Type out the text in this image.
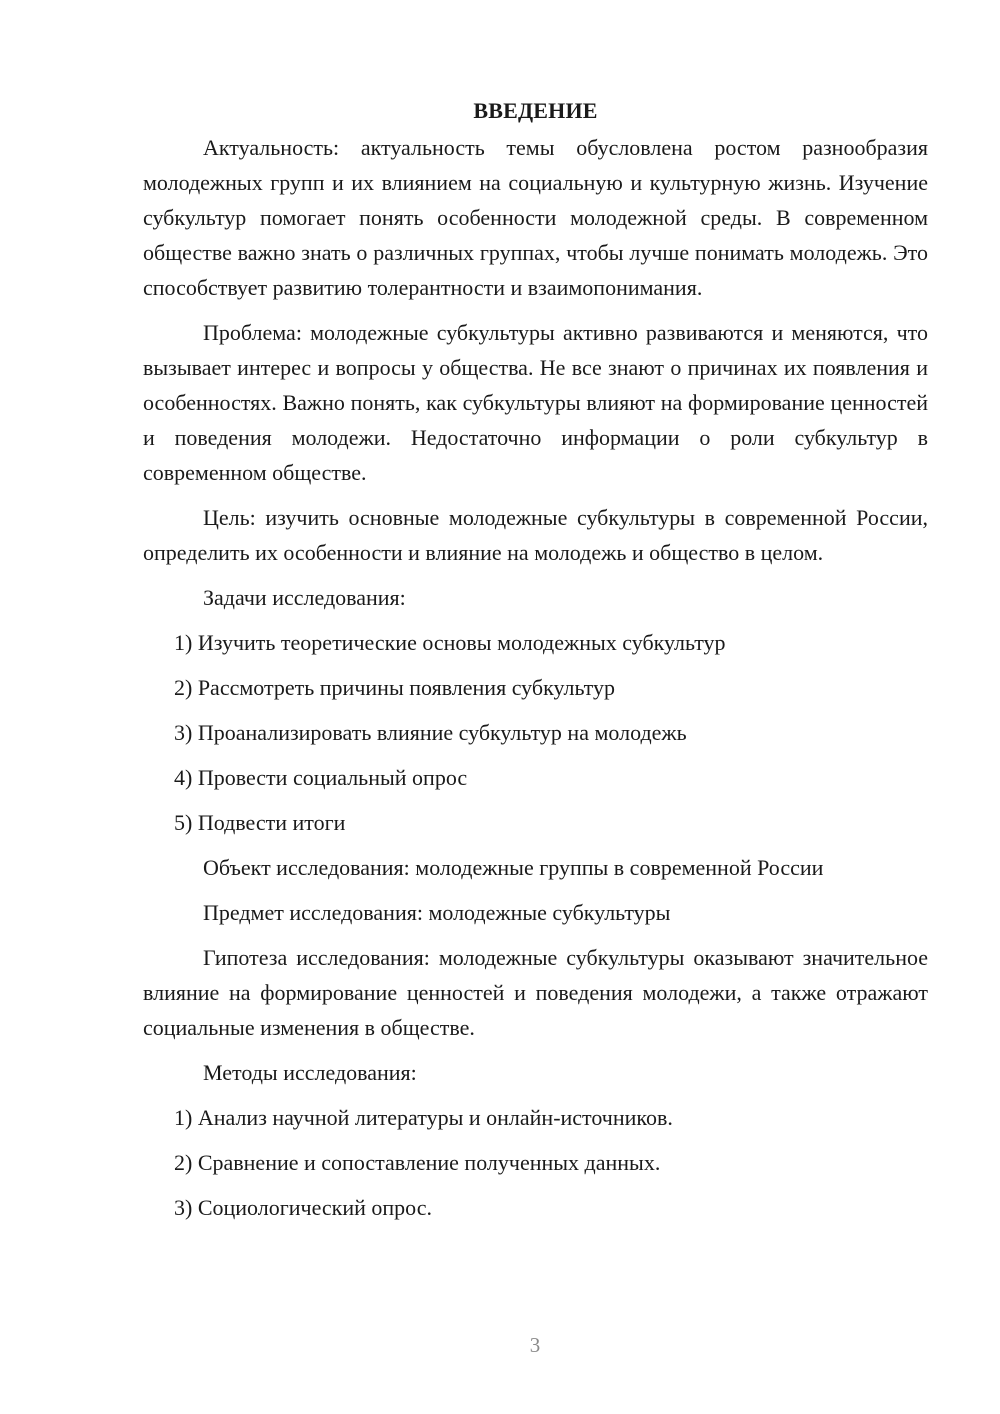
ВВЕДЕНИЕ

Актуальность: актуальность темы обусловлена ростом разнообразия молодежных групп и их влиянием на социальную и культурную жизнь. Изучение субкультур помогает понять особенности молодежной среды. В современном обществе важно знать о различных группах, чтобы лучше понимать молодежь. Это способствует развитию толерантности и взаимопонимания.

Проблема: молодежные субкультуры активно развиваются и меняются, что вызывает интерес и вопросы у общества. Не все знают о причинах их появления и особенностях. Важно понять, как субкультуры влияют на формирование ценностей и поведения молодежи. Недостаточно информации о роли субкультур в современном обществе.

Цель: изучить основные молодежные субкультуры в современной России, определить их особенности и влияние на молодежь и общество в целом.

Задачи исследования:
1) Изучить теоретические основы молодежных субкультур
2) Рассмотреть причины появления субкультур
3) Проанализировать влияние субкультур на молодежь
4) Провести социальный опрос
5) Подвести итоги
Объект исследования: молодежные группы в современной России
Предмет исследования: молодежные субкультуры

Гипотеза исследования: молодежные субкультуры оказывают значительное влияние на формирование ценностей и поведения молодежи, а также отражают социальные изменения в обществе.

Методы исследования:
1) Анализ научной литературы и онлайн-источников.
2) Сравнение и сопоставление полученных данных.
3) Социологический опрос.
3
